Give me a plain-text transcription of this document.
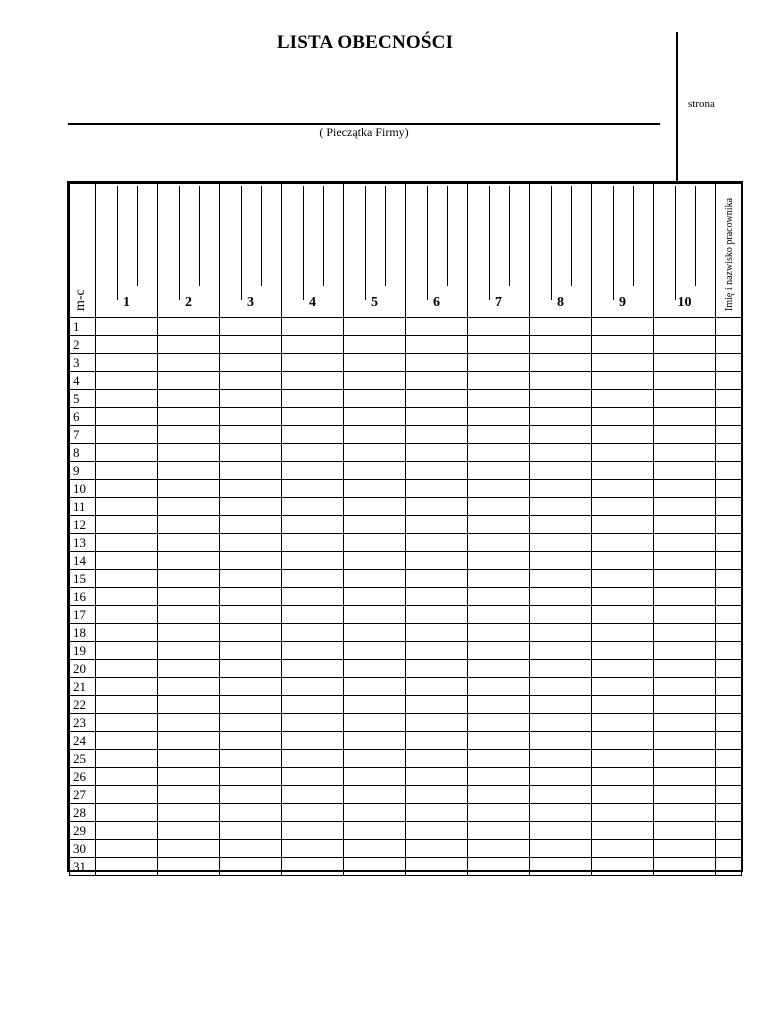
LISTA OBECNOŚCI
( Pieczątka Firmy)
strona
m-c	1	2	3	4	5	6	7	8	9	10	Imię i nazwisko pracownika

1											
2											
3											
4											
5											
6											
7											
8											
9											
10											
11											
12											
13											
14											
15											
16											
17											
18											
19											
20											
21											
22											
23											
24											
25											
26											
27											
28											
29											
30											
31											
